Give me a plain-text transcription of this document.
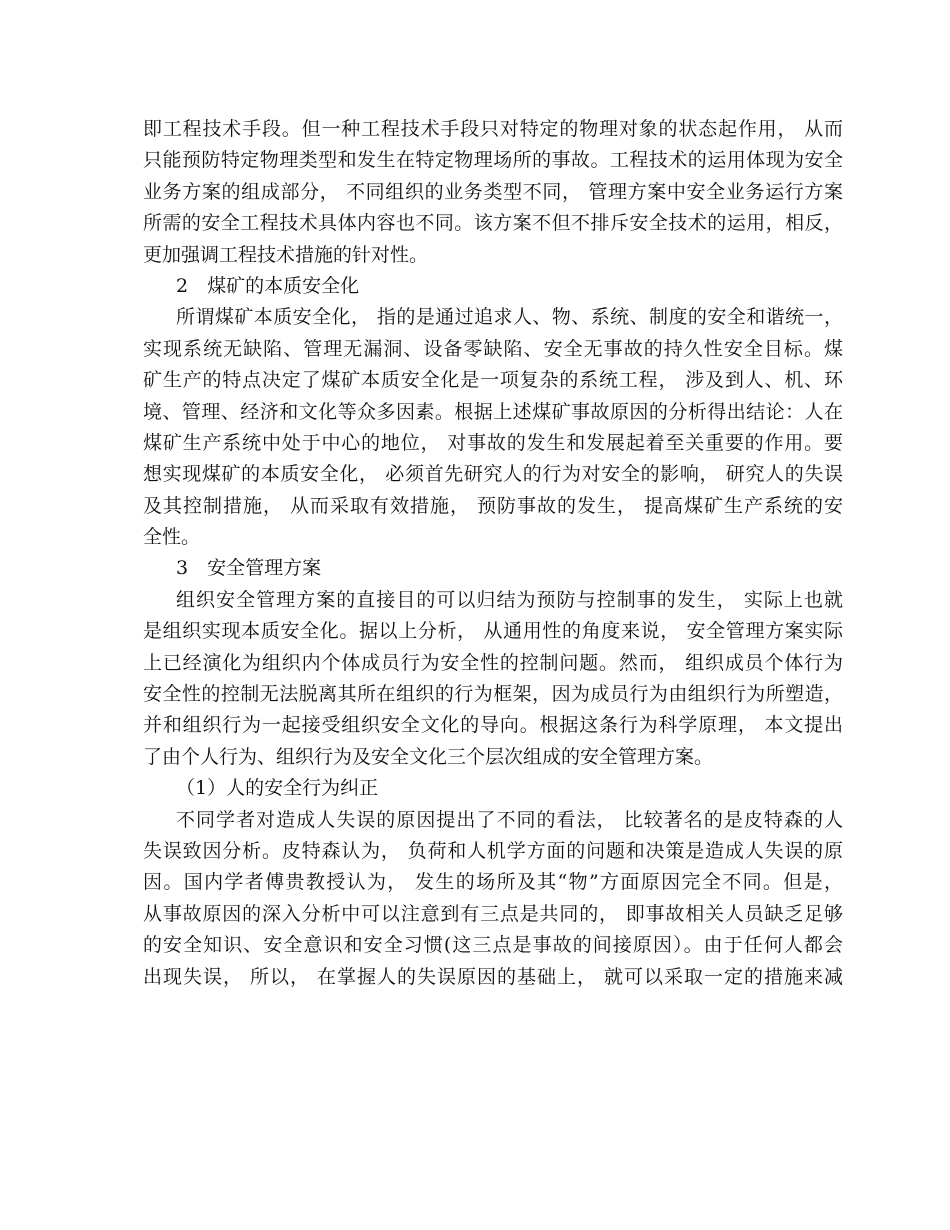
即工程技术手段。但一种工程技术手段只对特定的物理对象的状态起作用， 从而
只能预防特定物理类型和发生在特定物理场所的事故。工程技术的运用体现为安全
业务方案的组成部分， 不同组织的业务类型不同， 管理方案中安全业务运行方案
所需的安全工程技术具体内容也不同。该方案不但不排斥安全技术的运用，相反，
更加强调工程技术措施的针对性。
2　煤矿的本质安全化
所谓煤矿本质安全化， 指的是通过追求人、物、系统、制度的安全和谐统一，
实现系统无缺陷、管理无漏洞、设备零缺陷、安全无事故的持久性安全目标。煤
矿生产的特点决定了煤矿本质安全化是一项复杂的系统工程， 涉及到人、机、环
境、管理、经济和文化等众多因素。根据上述煤矿事故原因的分析得出结论：人在
煤矿生产系统中处于中心的地位， 对事故的发生和发展起着至关重要的作用。要
想实现煤矿的本质安全化， 必须首先研究人的行为对安全的影响， 研究人的失误
及其控制措施， 从而采取有效措施， 预防事故的发生， 提高煤矿生产系统的安
全性。
3　安全管理方案
组织安全管理方案的直接目的可以归结为预防与控制事的发生， 实际上也就
是组织实现本质安全化。据以上分析， 从通用性的角度来说， 安全管理方案实际
上已经演化为组织内个体成员行为安全性的控制问题。然而， 组织成员个体行为
安全性的控制无法脱离其所在组织的行为框架，因为成员行为由组织行为所塑造，
并和组织行为一起接受组织安全文化的导向。根据这条行为科学原理， 本文提出
了由个人行为、组织行为及安全文化三个层次组成的安全管理方案。
（1）人的安全行为纠正
不同学者对造成人失误的原因提出了不同的看法， 比较著名的是皮特森的人
失误致因分析。皮特森认为， 负荷和人机学方面的问题和决策是造成人失误的原
因。国内学者傅贵教授认为， 发生的场所及其“物”方面原因完全不同。但是，
从事故原因的深入分析中可以注意到有三点是共同的， 即事故相关人员缺乏足够
的安全知识、安全意识和安全习惯(这三点是事故的间接原因）。由于任何人都会
出现失误， 所以， 在掌握人的失误原因的基础上， 就可以采取一定的措施来减
